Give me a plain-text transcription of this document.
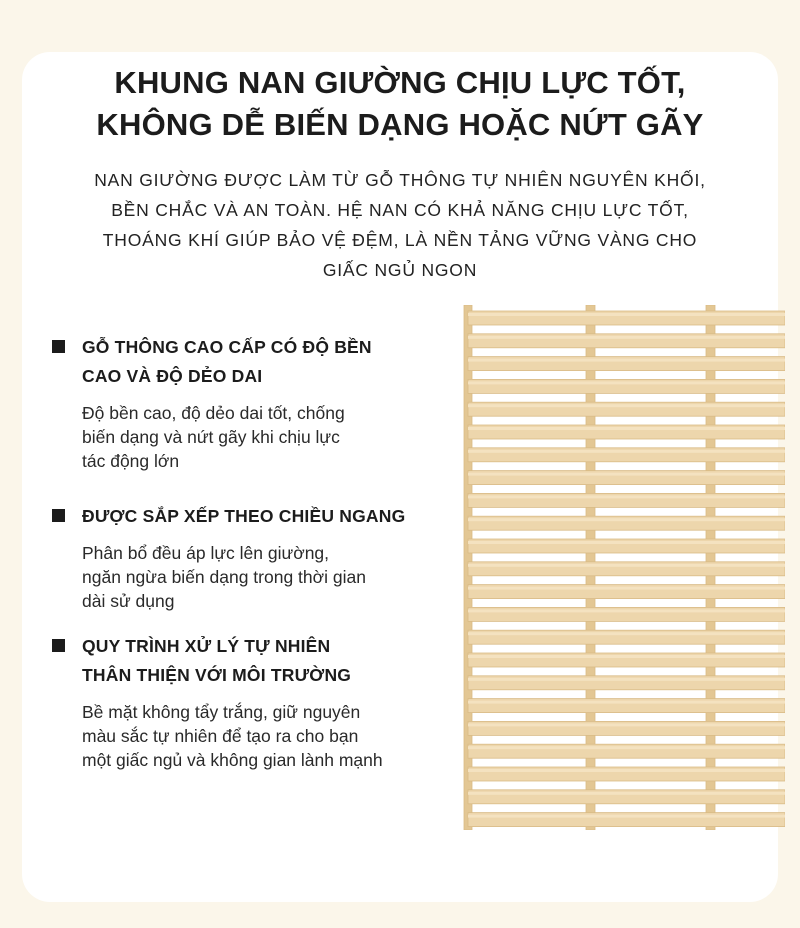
KHUNG NAN GIƯỜNG CHỊU LỰC TỐT,
KHÔNG DỄ BIẾN DẠNG HOẶC NỨT GÃY

NAN GIƯỜNG ĐƯỢC LÀM TỪ GỖ THÔNG TỰ NHIÊN NGUYÊN KHỐI,
BỀN CHẮC VÀ AN TOÀN. HỆ NAN CÓ KHẢ NĂNG CHỊU LỰC TỐT,
THOÁNG KHÍ GIÚP BẢO VỆ ĐỆM, LÀ NỀN TẢNG VỮNG VÀNG CHO
GIẤC NGỦ NGON

GỖ THÔNG CAO CẤP CÓ ĐỘ BỀN
CAO VÀ ĐỘ DẺO DAI

Độ bền cao, độ dẻo dai tốt, chống
biến dạng và nứt gãy khi chịu lực
tác động lớn

ĐƯỢC SẮP XẾP THEO CHIỀU NGANG

Phân bổ đều áp lực lên giường,
ngăn ngừa biến dạng trong thời gian
dài sử dụng

QUY TRÌNH XỬ LÝ TỰ NHIÊN
THÂN THIỆN VỚI MÔI TRƯỜNG

Bề mặt không tẩy trắng, giữ nguyên
màu sắc tự nhiên để tạo ra cho bạn
một giấc ngủ và không gian lành mạnh
